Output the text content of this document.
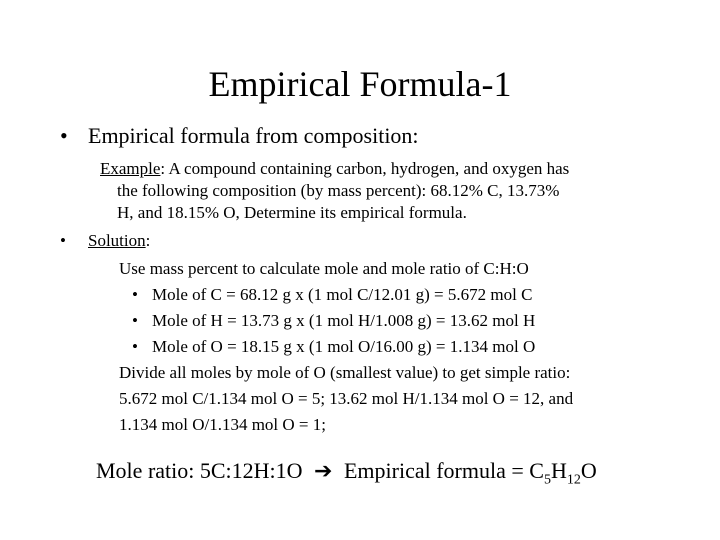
Empirical Formula-1
• Empirical formula from composition:
Example: A compound containing carbon, hydrogen, and oxygen has
the following composition (by mass percent): 68.12% C, 13.73%
H, and 18.15% O, Determine its empirical formula.
• Solution:
Use mass percent to calculate mole and mole ratio of C:H:O
• Mole of C = 68.12 g x (1 mol C/12.01 g) = 5.672 mol C
• Mole of H = 13.73 g x (1 mol H/1.008 g) = 13.62 mol H
• Mole of O = 18.15 g x (1 mol O/16.00 g) = 1.134 mol O
Divide all moles by mole of O (smallest value) to get simple ratio:
5.672 mol C/1.134 mol O = 5; 13.62 mol H/1.134 mol O = 12, and
1.134 mol O/1.134 mol O = 1;
Mole ratio: 5C:12H:1O ➔ Empirical formula = $C_5H_{12}O$
